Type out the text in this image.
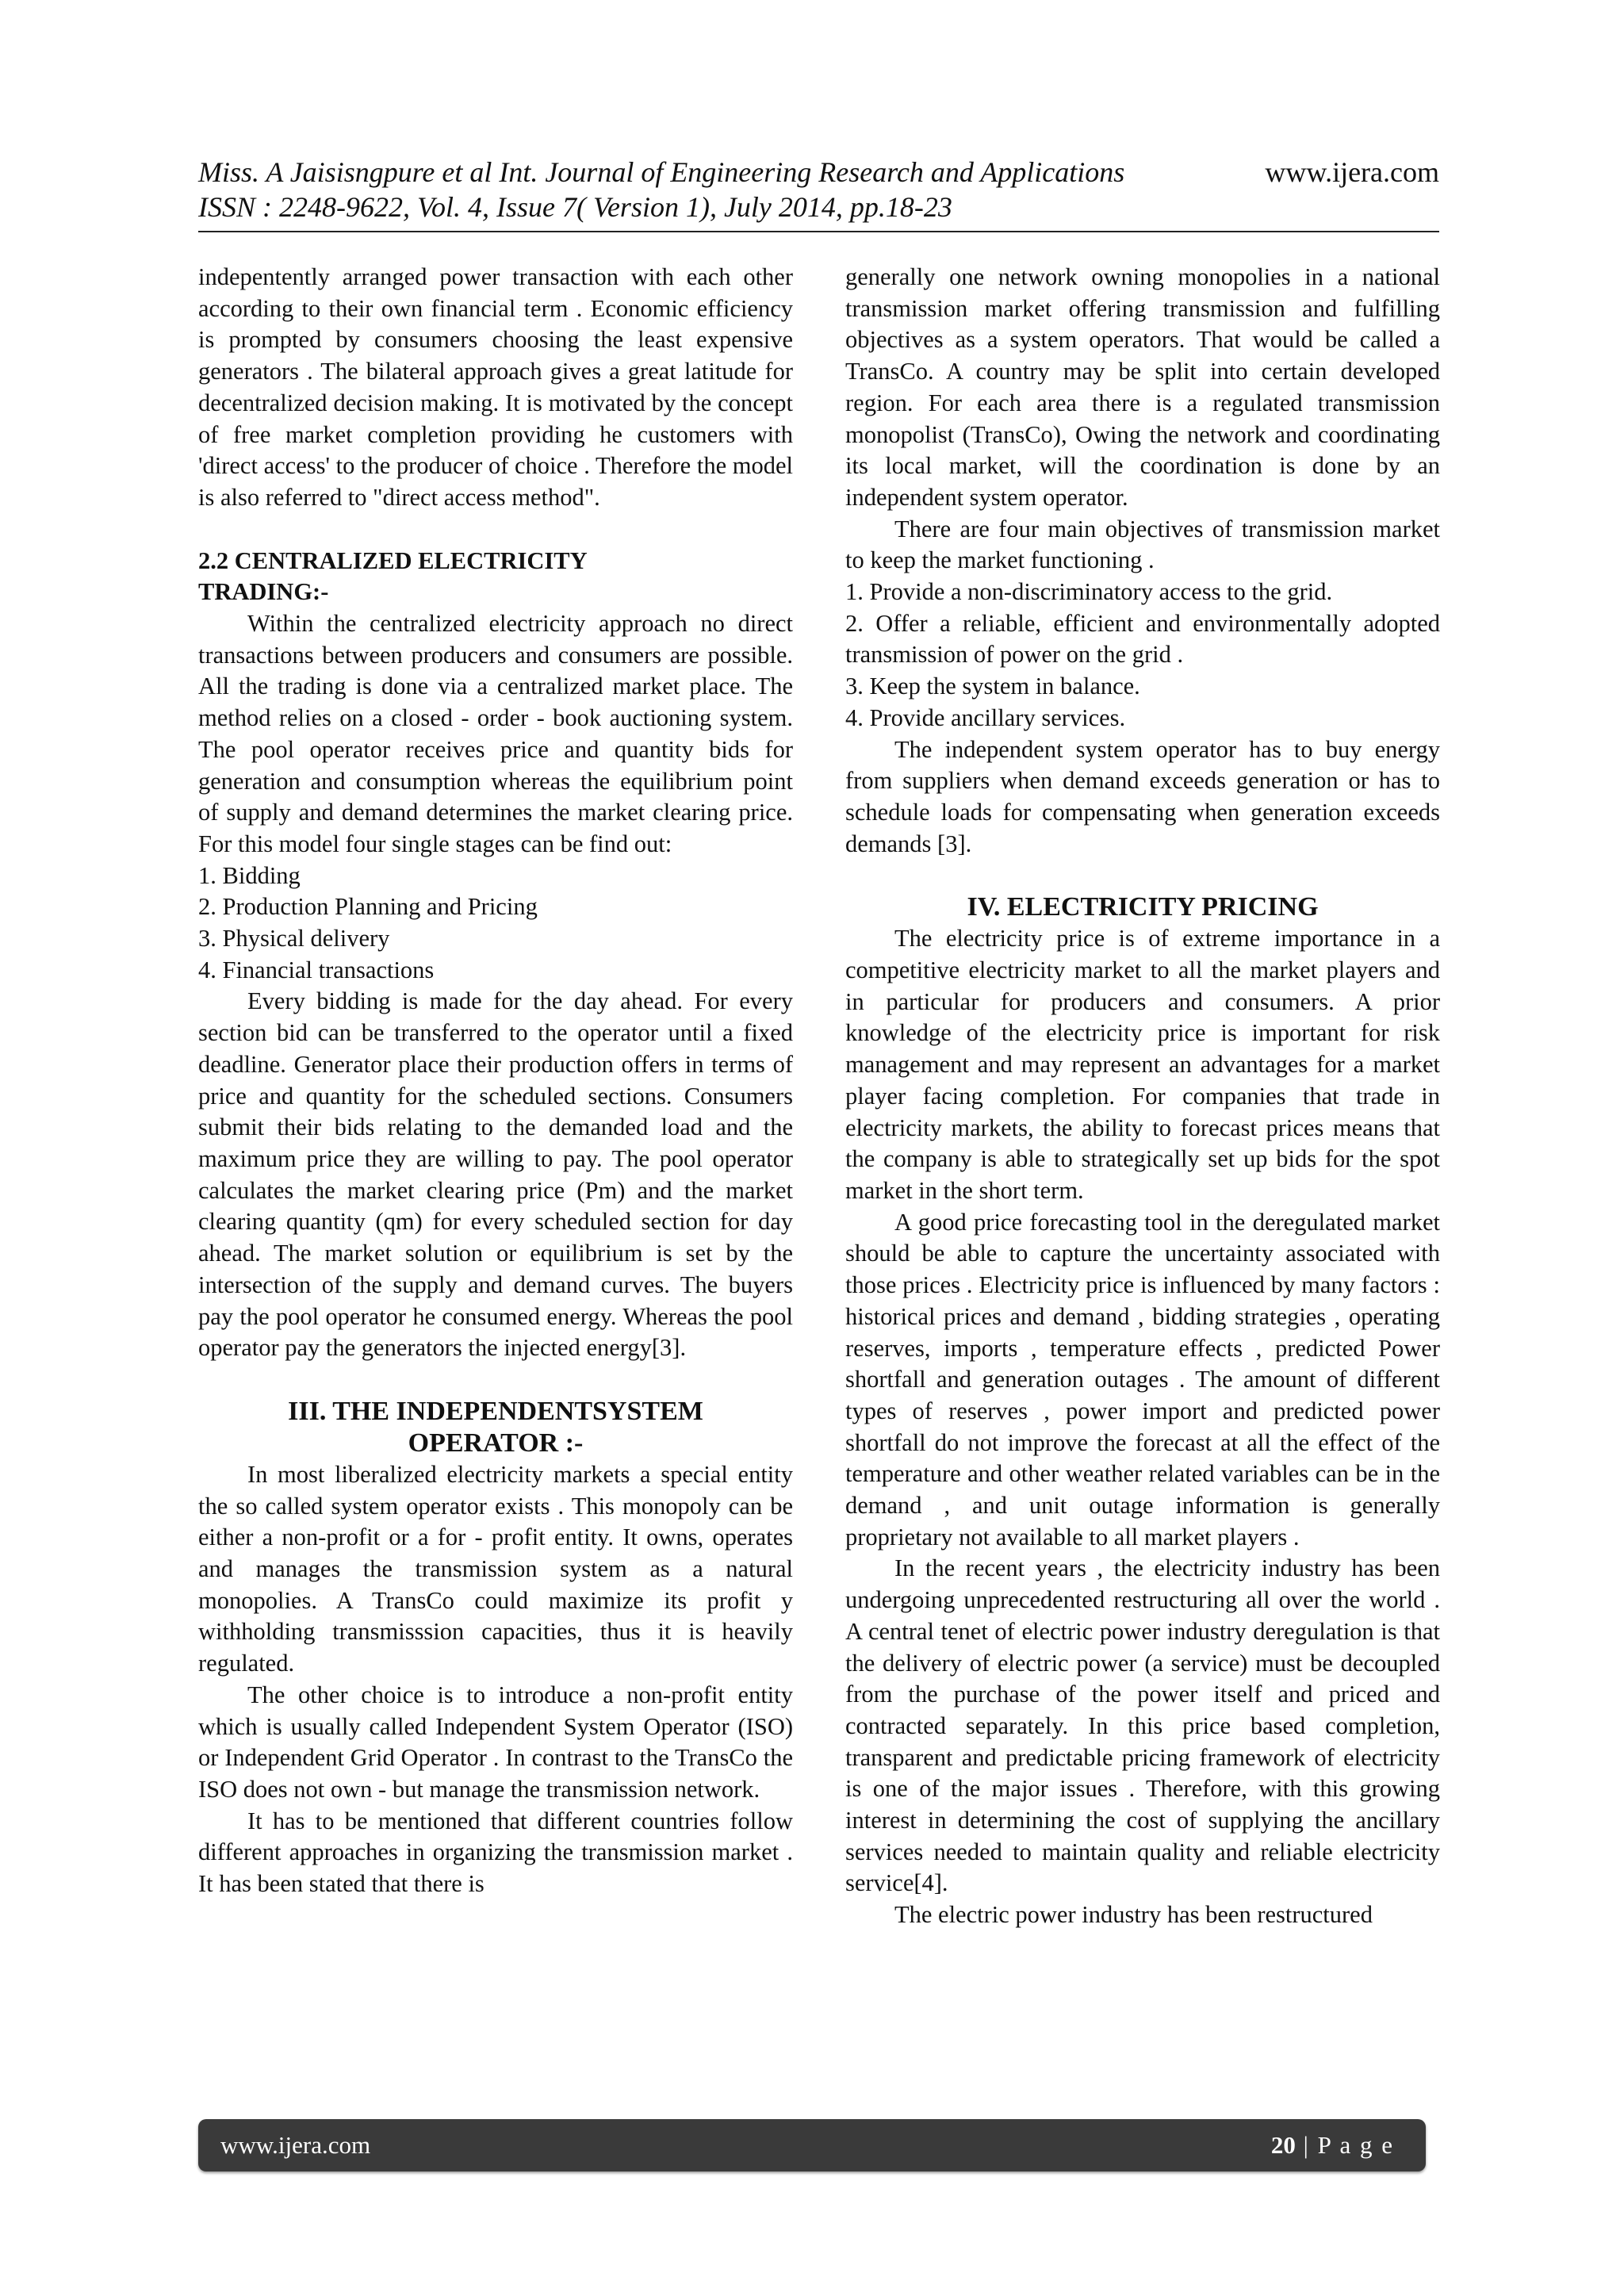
Miss. A Jaisisngpure et al Int. Journal of Engineering Research and Applications
ISSN : 2248-9622, Vol. 4, Issue 7( Version 1), July 2014, pp.18-23
www.ijera.com

indepentently arranged power transaction with each other according to their own financial term . Economic efficiency is prompted by consumers choosing the least expensive generators . The bilateral approach gives a great latitude for decentralized decision making. It is motivated by the concept of free market completion providing he customers with 'direct access' to the producer of choice . Therefore the model is also referred to "direct access method".

2.2 CENTRALIZED ELECTRICITY
TRADING:-

Within the centralized electricity approach no direct transactions between producers and consumers are possible. All the trading is done via a centralized market place. The method relies on a closed - order - book auctioning system. The pool operator receives price and quantity bids for generation and consumption whereas the equilibrium point of supply and demand determines the market clearing price. For this model four single stages can be find out:

1. Bidding
2. Production Planning and Pricing
3. Physical delivery
4. Financial transactions

Every bidding is made for the day ahead. For every section bid can be transferred to the operator until a fixed deadline. Generator place their production offers in terms of price and quantity for the scheduled sections. Consumers submit their bids relating to the demanded load and the maximum price they are willing to pay. The pool operator calculates the market clearing price (Pm) and the market clearing quantity (qm) for every scheduled section for day ahead. The market solution or equilibrium is set by the intersection of the supply and demand curves. The buyers pay the pool operator he consumed energy. Whereas the pool operator pay the generators the injected energy[3].

III. THE INDEPENDENTSYSTEM
OPERATOR :-

In most liberalized electricity markets a special entity the so called system operator exists . This monopoly can be either a non-profit or a for - profit entity. It owns, operates and manages the transmission system as a natural monopolies. A TransCo could maximize its profit y withholding transmisssion capacities, thus it is heavily regulated.

The other choice is to introduce a non-profit entity which is usually called Independent System Operator (ISO) or Independent Grid Operator . In contrast to the TransCo the ISO does not own - but manage the transmission network.

It has to be mentioned that different countries follow different approaches in organizing the transmission market . It has been stated that there is

generally one network owning monopolies in a national transmission market offering transmission and fulfilling objectives as a system operators. That would be called a TransCo. A country may be split into certain developed region. For each area there is a regulated transmission monopolist (TransCo), Owing the network and coordinating its local market, will the coordination is done by an independent system operator.

There are four main objectives of transmission market to keep the market functioning .

1. Provide a non-discriminatory access to the grid.
2. Offer a reliable, efficient and environmentally adopted transmission of power on the grid .
3. Keep the system in balance.
4. Provide ancillary services.

The independent system operator has to buy energy from suppliers when demand exceeds generation or has to schedule loads for compensating when generation exceeds demands [3].

IV. ELECTRICITY PRICING

The electricity price is of extreme importance in a competitive electricity market to all the market players and in particular for producers and consumers. A prior knowledge of the electricity price is important for risk management and may represent an advantages for a market player facing completion. For companies that trade in electricity markets, the ability to forecast prices means that the company is able to strategically set up bids for the spot market in the short term.

A good price forecasting tool in the deregulated market should be able to capture the uncertainty associated with those prices . Electricity price is influenced by many factors : historical prices and demand , bidding strategies , operating reserves, imports , temperature effects , predicted Power shortfall and generation outages . The amount of different types of reserves , power import and predicted power shortfall do not improve the forecast at all the effect of the temperature and other weather related variables can be in the demand , and unit outage information is generally proprietary not available to all market players .

In the recent years , the electricity industry has been undergoing unprecedented restructuring all over the world . A central tenet of electric power industry deregulation is that the delivery of electric power (a service) must be decoupled from the purchase of the power itself and priced and contracted separately. In this price based completion, transparent and predictable pricing framework of electricity is one of the major issues . Therefore, with this growing interest in determining the cost of supplying the ancillary services needed to maintain quality and reliable electricity service[4].

The electric power industry has been restructured

www.ijera.com	20 | P a g e
